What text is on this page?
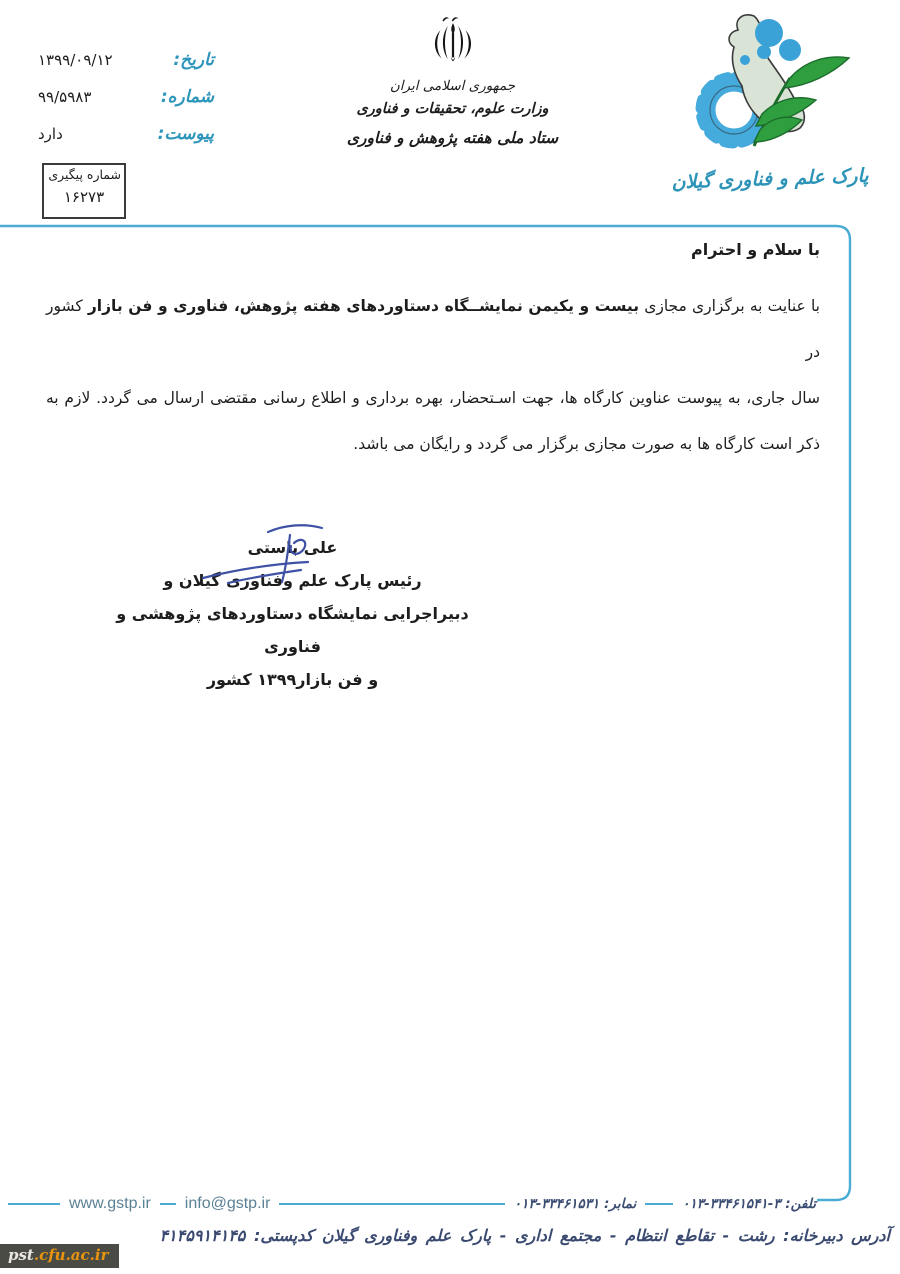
تاریخ:
۱۳۹۹/۰۹/۱۲
شماره:
۹۹/۵۹۸۳
پیوست:
دارد
شماره پیگیری
۱۶۲۷۳
جمهوری اسلامی ایران
وزارت علوم، تحقیقات و فناوری
ستاد ملی هفته پژوهش و فناوری
پارک علم و فناوری گیلان
با سلام و احترام
با عنایت به برگزاری مجازی بیست و یکیمن نمایشــگاه دستاوردهای هفته پژوهش، فناوری و فن بازار کشور در
سال جاری، به پیوست عناوین کارگاه ها، جهت اسـتحضار، بهره برداری و اطلاع رسانی مقتضی ارسال می گردد. لازم به
ذکر است کارگاه ها به صورت مجازی برگزار می گردد و رایگان می باشد.
علی باستی
رئیس پارک علم وفناوری گیلان و
دبیراجرایی نمایشگاه دستاوردهای پژوهشی و فناوری
و فن بازار۱۳۹۹ کشور
www.gstp.ir info@gstp.ir	نمابر: ۳۳۴۶۱۵۳۱-۰۱۳	تلفن: ۳-۳۳۴۶۱۵۴۱-۰۱۳
آدرس دبیرخانه: رشت - تقاطع انتظام - مجتمع اداری - پارک علم وفناوری گیلان کدپستی: ۴۱۴۵۹۱۴۱۴۵
pst.cfu.ac.ir
